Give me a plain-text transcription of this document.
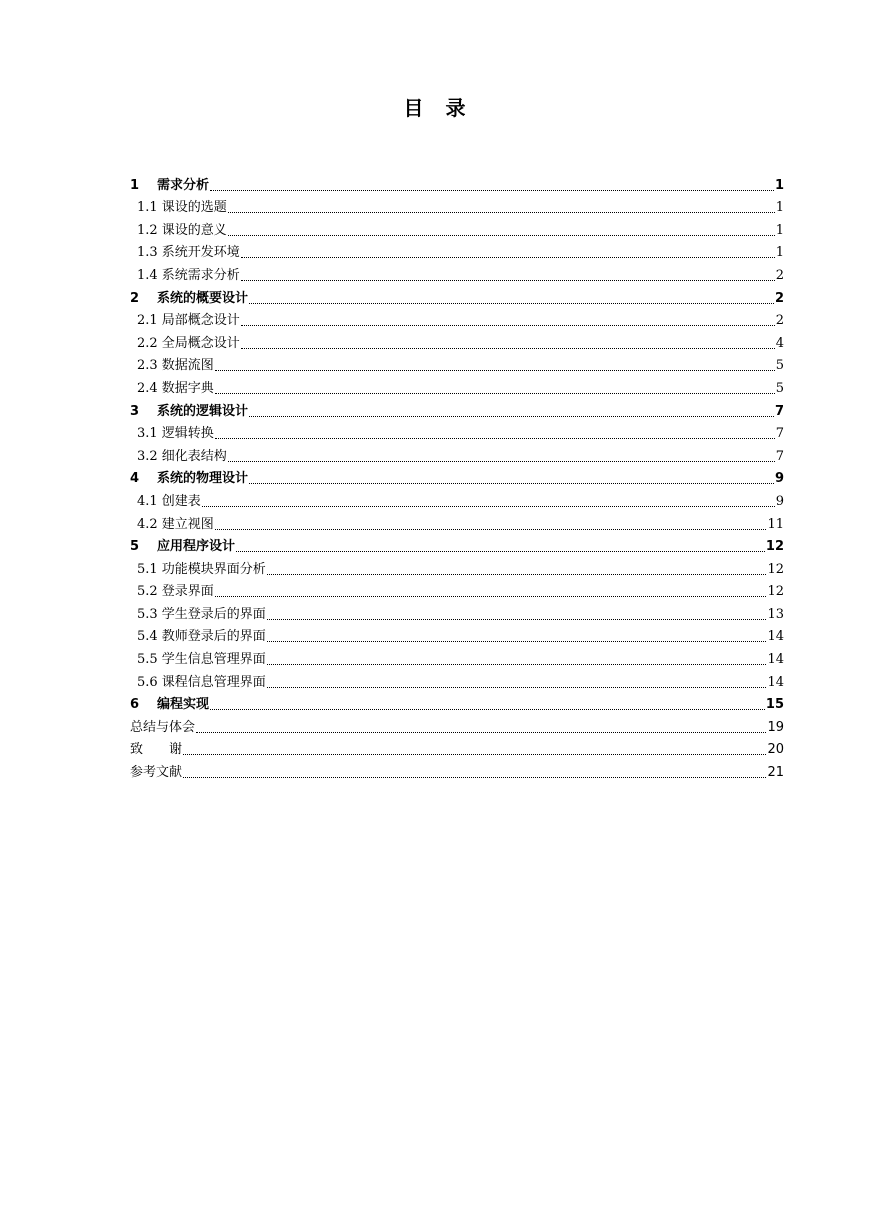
目 录
1 需求分析	1
1.1 课设的选题	1
1.2 课设的意义	1
1.3 系统开发环境	1
1.4 系统需求分析	2
2 系统的概要设计	2
2.1 局部概念设计	2
2.2 全局概念设计	4
2.3 数据流图	5
2.4 数据字典	5
3 系统的逻辑设计	7
3.1 逻辑转换	7
3.2 细化表结构	7
4 系统的物理设计	9
4.1 创建表	9
4.2 建立视图	11
5 应用程序设计	12
5.1 功能模块界面分析	12
5.2 登录界面	12
5.3 学生登录后的界面	13
5.4 教师登录后的界面	14
5.5 学生信息管理界面	14
5.6 课程信息管理界面	14
6 编程实现	15
总结与体会	19
致　　谢	20
参考文献	21
